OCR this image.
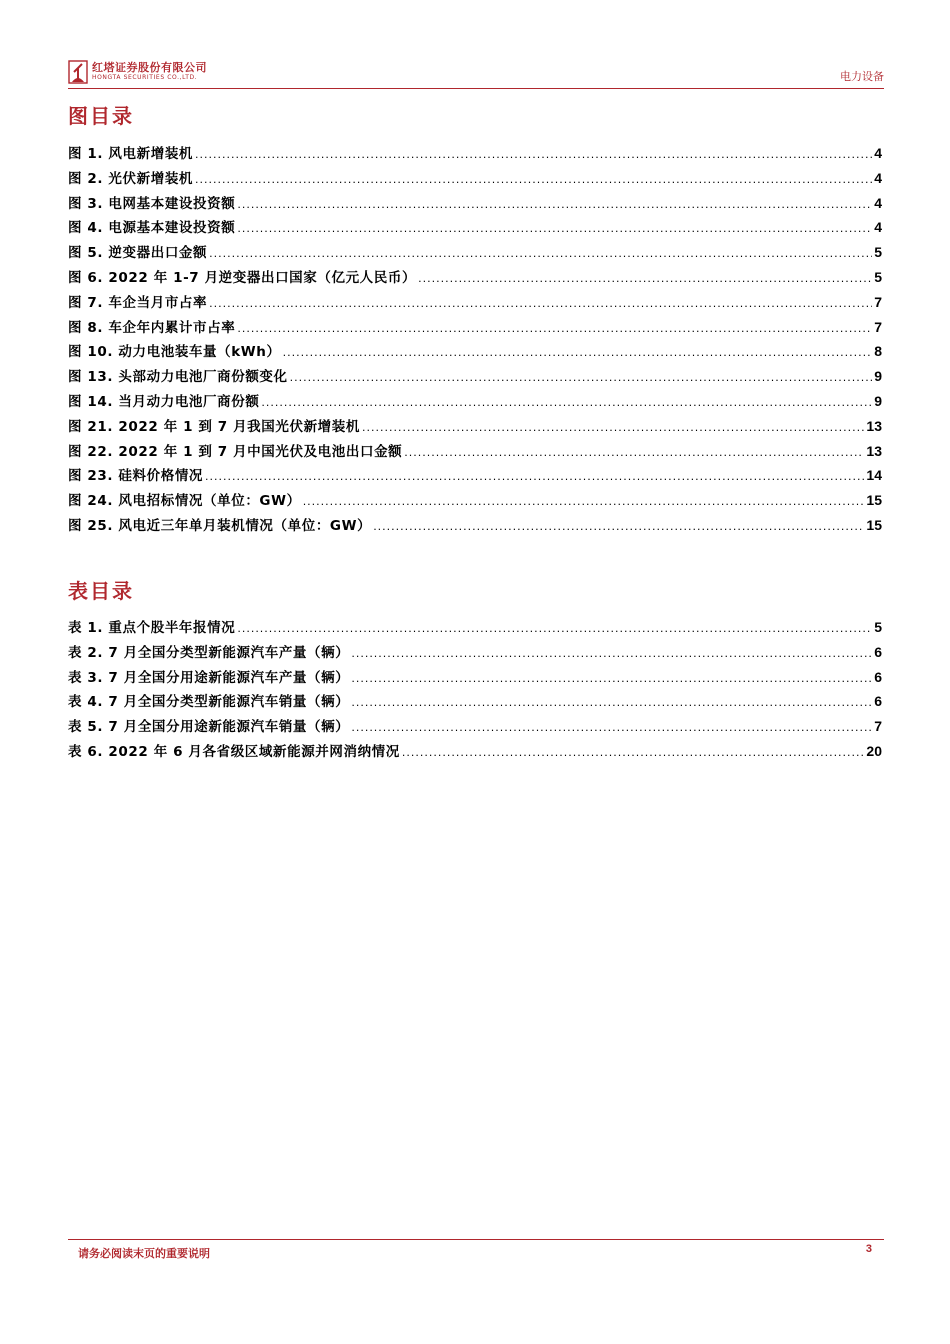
红塔证券股份有限公司
HONGTA SECURITIES CO.,LTD.	电力设备
图目录
图 1. 风电新增装机 .....	4
图 2. 光伏新增装机 .....	4
图 3. 电网基本建设投资额 .....	4
图 4. 电源基本建设投资额 .....	4
图 5. 逆变器出口金额 .....	5
图 6. 2022 年 1-7 月逆变器出口国家（亿元人民币） .....	5
图 7. 车企当月市占率 .....	7
图 8. 车企年内累计市占率 .....	7
图 10. 动力电池装车量（kWh） .....	8
图 13. 头部动力电池厂商份额变化 .....	9
图 14. 当月动力电池厂商份额 .....	9
图 21. 2022 年 1 到 7 月我国光伏新增装机 .....	13
图 22. 2022 年 1 到 7 月中国光伏及电池出口金额 .....	13
图 23. 硅料价格情况 .....	14
图 24. 风电招标情况（单位：GW） .....	15
图 25. 风电近三年单月装机情况（单位：GW） .....	15
表目录
表 1. 重点个股半年报情况 .....	5
表 2. 7 月全国分类型新能源汽车产量（辆） .....	6
表 3. 7 月全国分用途新能源汽车产量（辆） .....	6
表 4. 7 月全国分类型新能源汽车销量（辆） .....	6
表 5. 7 月全国分用途新能源汽车销量（辆） .....	7
表 6. 2022 年 6 月各省级区域新能源并网消纳情况 .....	20
请务必阅读末页的重要说明	3
